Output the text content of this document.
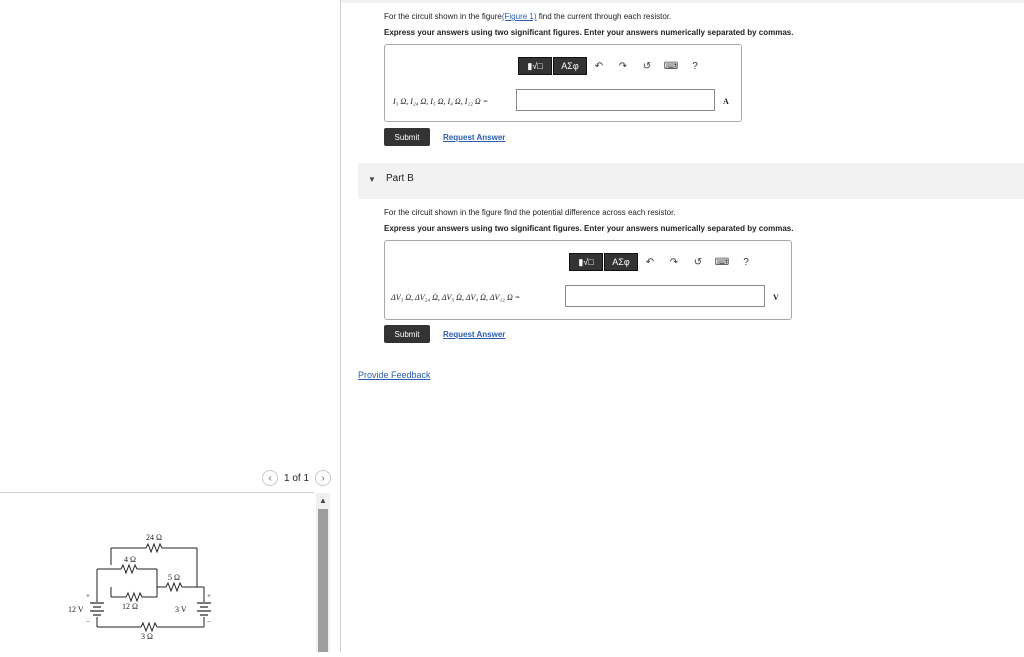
‹ 1 of 1 ›
24 Ω
4 Ω
5 Ω
12 Ω
3 Ω
12 V	3 V
+
−
+
−
▲
For the circuit shown in the figure(Figure 1) find the current through each resistor.
Express your answers using two significant figures. Enter your answers numerically separated by commas.
▮√□	ΑΣφ	↶	↷	↺	⌨	?
I₃ Ω, I₂₄ Ω, I₅ Ω, I₄ Ω, I₁₂ Ω =	A
Submit	Request Answer
▼ Part B
For the circuit shown in the figure find the potential difference across each resistor.
Express your answers using two significant figures. Enter your answers numerically separated by commas.
▮√□	ΑΣφ	↶	↷	↺	⌨	?
ΔV₃ Ω, ΔV₂₄ Ω, ΔV₅ Ω, ΔV₄ Ω, ΔV₁₂ Ω =	V
Submit	Request Answer
Provide Feedback
